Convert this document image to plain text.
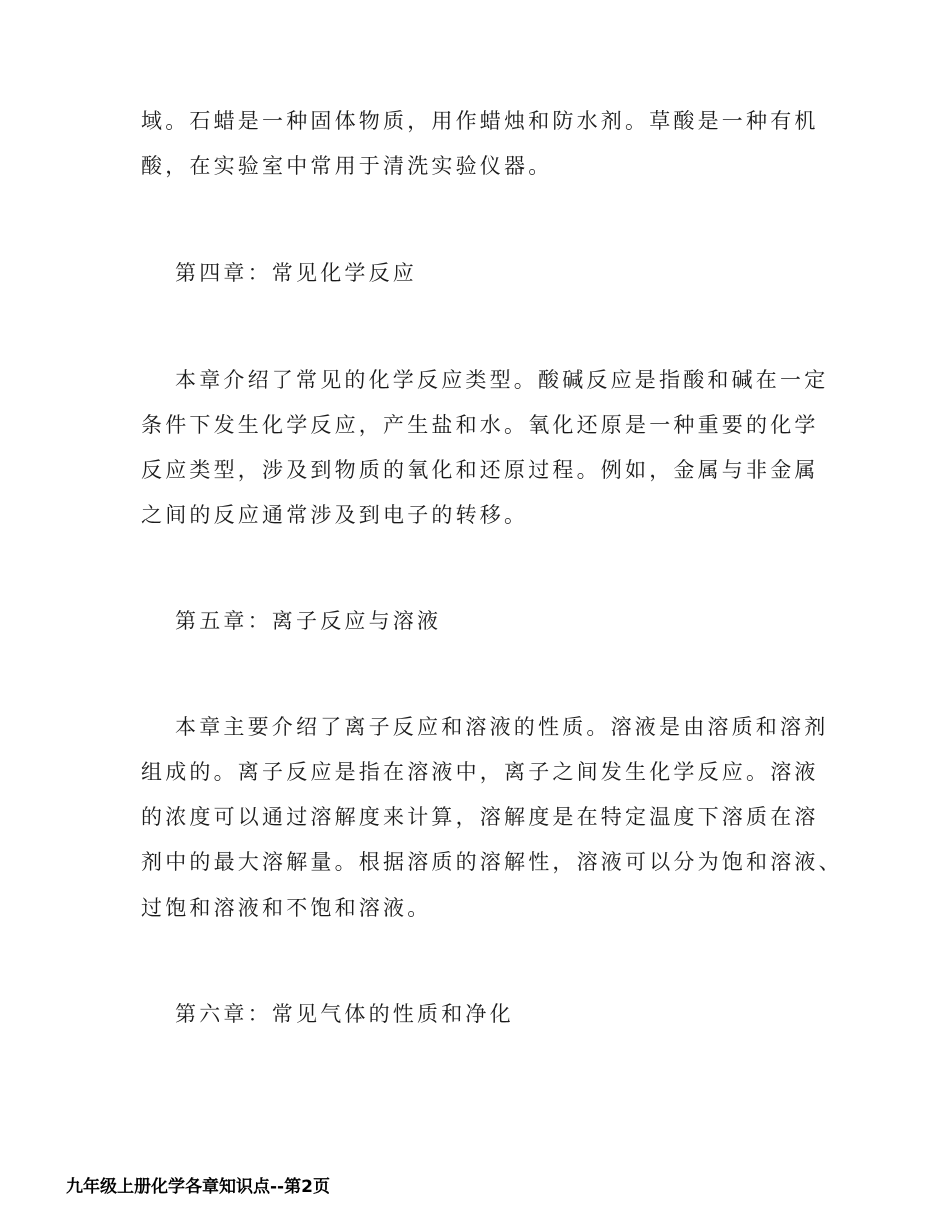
域。石蜡是一种固体物质，用作蜡烛和防水剂。草酸是一种有机

酸，在实验室中常用于清洗实验仪器。

第四章：常见化学反应

本章介绍了常见的化学反应类型。酸碱反应是指酸和碱在一定

条件下发生化学反应，产生盐和水。氧化还原是一种重要的化学

反应类型，涉及到物质的氧化和还原过程。例如，金属与非金属

之间的反应通常涉及到电子的转移。

第五章：离子反应与溶液

本章主要介绍了离子反应和溶液的性质。溶液是由溶质和溶剂

组成的。离子反应是指在溶液中，离子之间发生化学反应。溶液

的浓度可以通过溶解度来计算，溶解度是在特定温度下溶质在溶

剂中的最大溶解量。根据溶质的溶解性，溶液可以分为饱和溶液、

过饱和溶液和不饱和溶液。

第六章：常见气体的性质和净化

九年级上册化学各章知识点--第2页
